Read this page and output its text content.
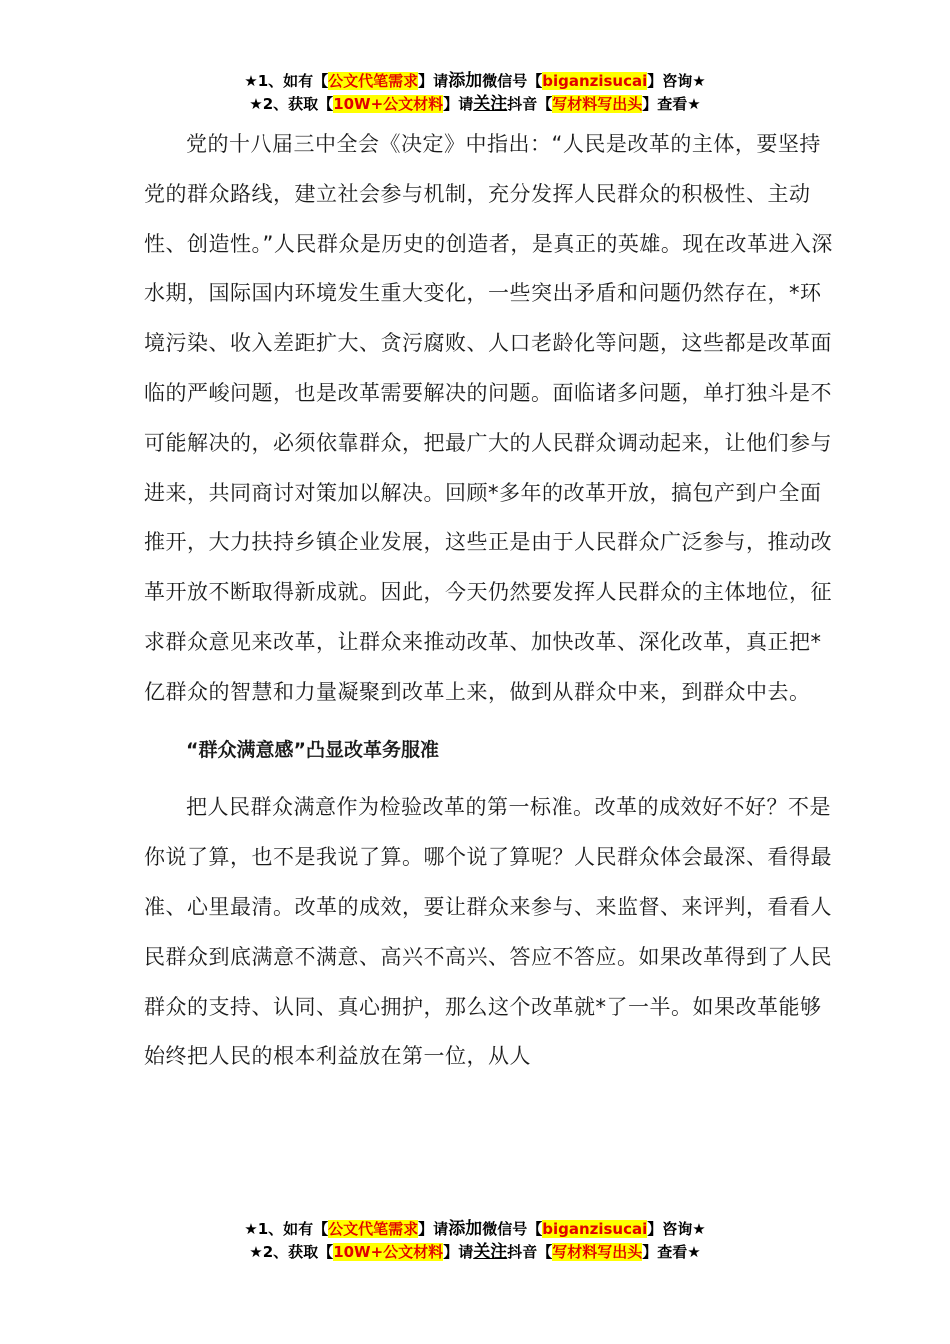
★1、如有【公文代笔需求】请添加微信号【biganzisucai】咨询★
★2、获取【10W+公文材料】请关注抖音【写材料写出头】查看★

党的十八届三中全会《决定》中指出：“人民是改革的主体，要坚持党的群众路线，建立社会参与机制，充分发挥人民群众的积极性、主动性、创造性。”人民群众是历史的创造者，是真正的英雄。现在改革进入深水期，国际国内环境发生重大变化，一些突出矛盾和问题仍然存在，*环境污染、收入差距扩大、贪污腐败、人口老龄化等问题，这些都是改革面临的严峻问题，也是改革需要解决的问题。面临诸多问题，单打独斗是不可能解决的，必须依靠群众，把最广大的人民群众调动起来，让他们参与进来，共同商讨对策加以解决。回顾*多年的改革开放，搞包产到户全面推开，大力扶持乡镇企业发展，这些正是由于人民群众广泛参与，推动改革开放不断取得新成就。因此，今天仍然要发挥人民群众的主体地位，征求群众意见来改革，让群众来推动改革、加快改革、深化改革，真正把*亿群众的智慧和力量凝聚到改革上来，做到从群众中来，到群众中去。

“群众满意感”凸显改革务服准

把人民群众满意作为检验改革的第一标准。改革的成效好不好？不是你说了算，也不是我说了算。哪个说了算呢？人民群众体会最深、看得最准、心里最清。改革的成效，要让群众来参与、来监督、来评判，看看人民群众到底满意不满意、高兴不高兴、答应不答应。如果改革得到了人民群众的支持、认同、真心拥护，那么这个改革就*了一半。如果改革能够始终把人民的根本利益放在第一位，从人

★1、如有【公文代笔需求】请添加微信号【biganzisucai】咨询★
★2、获取【10W+公文材料】请关注抖音【写材料写出头】查看★
